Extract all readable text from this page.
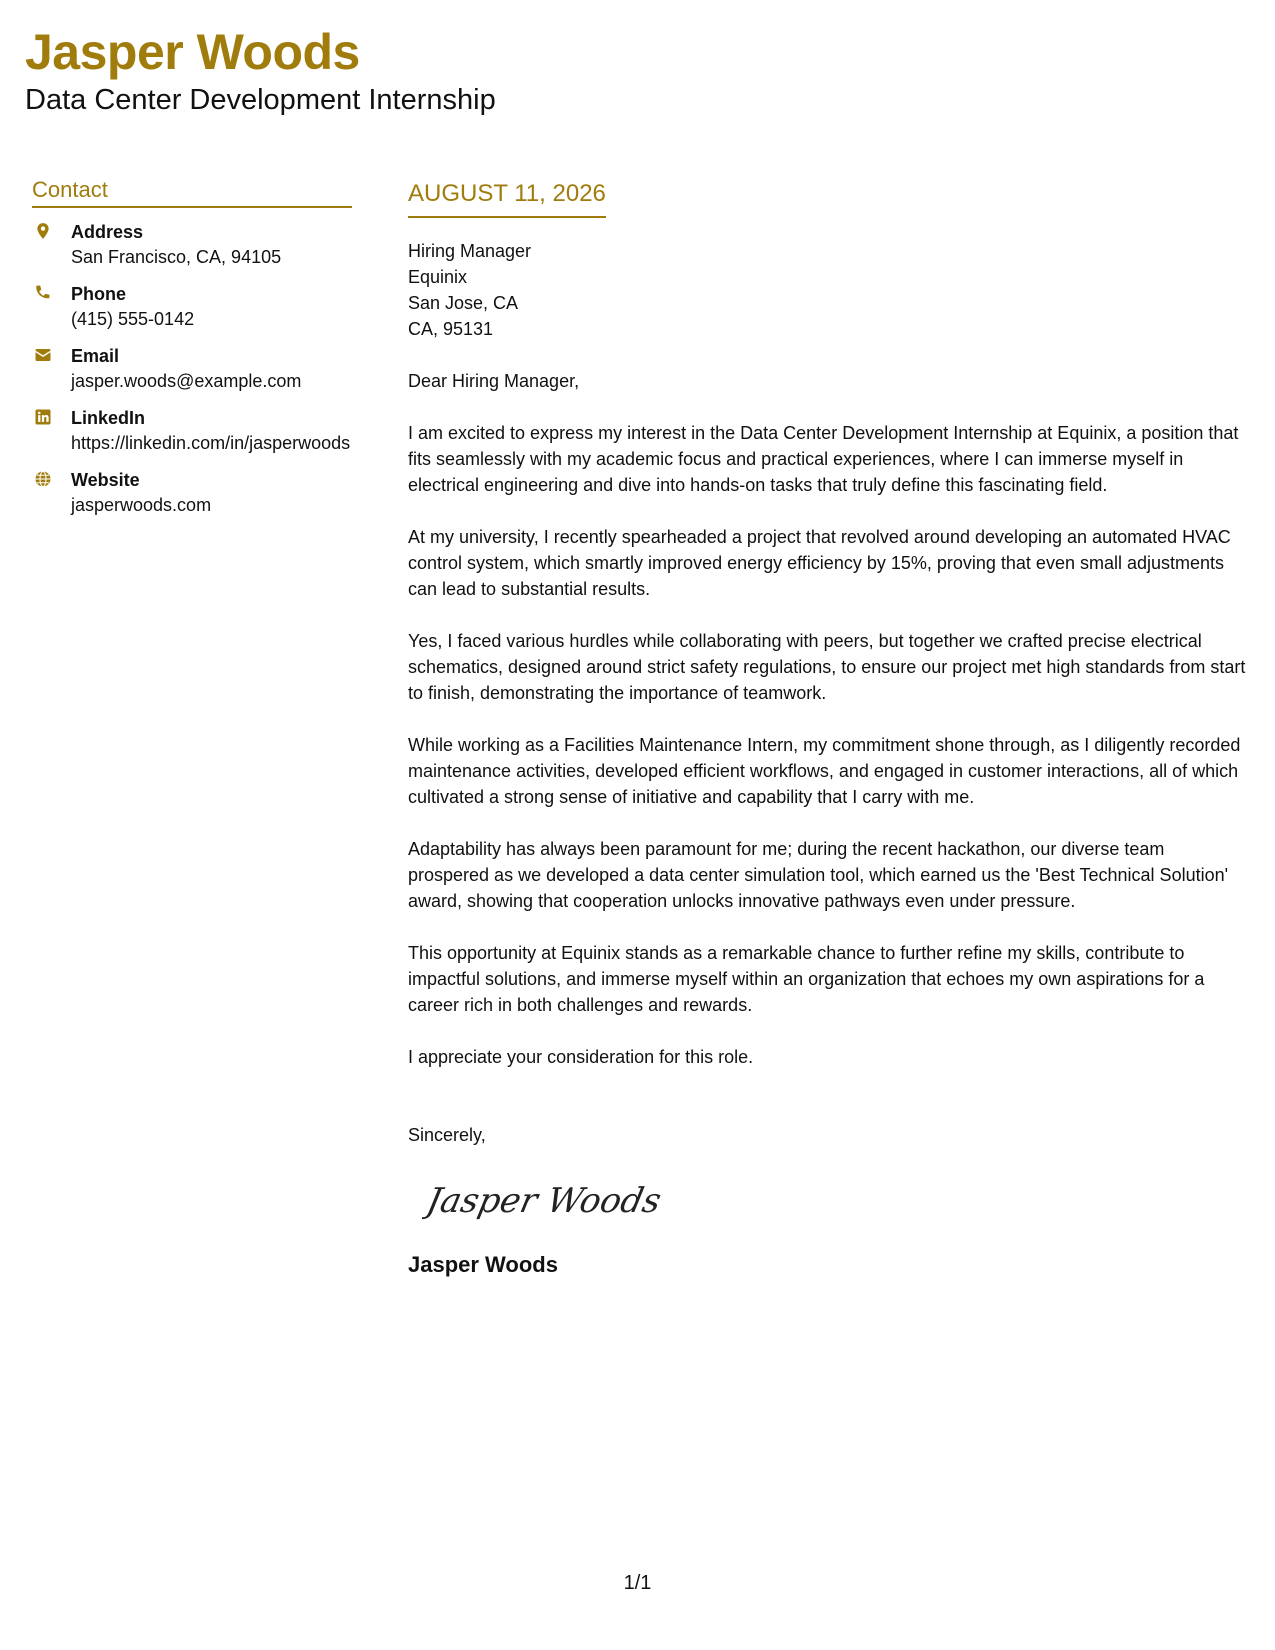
Jasper Woods
Data Center Development Internship
Contact
Address
San Francisco, CA, 94105
Phone
(415) 555-0142
Email
jasper.woods@example.com
LinkedIn
https://linkedin.com/in/jasperwoods
Website
jasperwoods.com
AUGUST 11, 2026
Hiring Manager
Equinix
San Jose, CA
CA, 95131
Dear Hiring Manager,

I am excited to express my interest in the Data Center Development Internship at Equinix, a position that fits seamlessly with my academic focus and practical experiences, where I can immerse myself in electrical engineering and dive into hands-on tasks that truly define this fascinating field.

At my university, I recently spearheaded a project that revolved around developing an automated HVAC control system, which smartly improved energy efficiency by 15%, proving that even small adjustments can lead to substantial results.

Yes, I faced various hurdles while collaborating with peers, but together we crafted precise electrical schematics, designed around strict safety regulations, to ensure our project met high standards from start to finish, demonstrating the importance of teamwork.

While working as a Facilities Maintenance Intern, my commitment shone through, as I diligently recorded maintenance activities, developed efficient workflows, and engaged in customer interactions, all of which cultivated a strong sense of initiative and capability that I carry with me.

Adaptability has always been paramount for me; during the recent hackathon, our diverse team prospered as we developed a data center simulation tool, which earned us the 'Best Technical Solution' award, showing that cooperation unlocks innovative pathways even under pressure.

This opportunity at Equinix stands as a remarkable chance to further refine my skills, contribute to impactful solutions, and immerse myself within an organization that echoes my own aspirations for a career rich in both challenges and rewards.

I appreciate your consideration for this role.

Sincerely,
Jasper Woods
Jasper Woods
1/1
